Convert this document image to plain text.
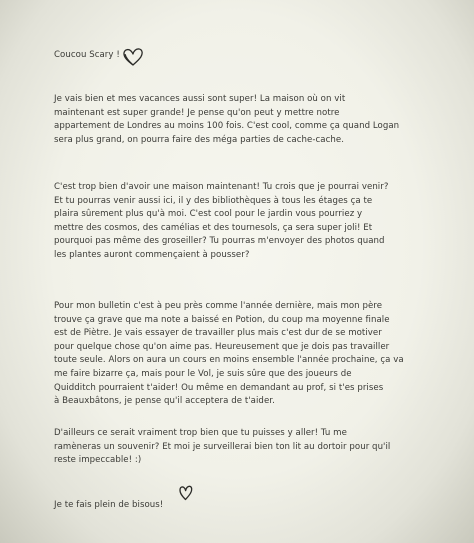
Coucou Scary !

Je vais bien et mes vacances aussi sont super! La maison où on vit
maintenant est super grande! Je pense qu'on peut y mettre notre
appartement de Londres au moins 100 fois. C'est cool, comme ça quand Logan
sera plus grand, on pourra faire des méga parties de cache-cache.

C'est trop bien d'avoir une maison maintenant! Tu crois que je pourrai venir?
Et tu pourras venir aussi ici, il y des bibliothèques à tous les étages ça te
plaira sûrement plus qu'à moi. C'est cool pour le jardin vous pourriez y
mettre des cosmos, des camélias et des tournesols, ça sera super joli! Et
pourquoi pas même des groseiller? Tu pourras m'envoyer des photos quand
les plantes auront commençaient à pousser?

Pour mon bulletin c'est à peu près comme l'année dernière, mais mon père
trouve ça grave que ma note a baissé en Potion, du coup ma moyenne finale
est de Piètre. Je vais essayer de travailler plus mais c'est dur de se motiver
pour quelque chose qu'on aime pas. Heureusement que je dois pas travailler
toute seule. Alors on aura un cours en moins ensemble l'année prochaine, ça va
me faire bizarre ça, mais pour le Vol, je suis sûre que des joueurs de
Quidditch pourraient t'aider! Ou même en demandant au prof, si t'es prises
à Beauxbâtons, je pense qu'il acceptera de t'aider.

D'ailleurs ce serait vraiment trop bien que tu puisses y aller! Tu me
ramèneras un souvenir? Et moi je surveillerai bien ton lit au dortoir pour qu'il
reste impeccable! :)

Je te fais plein de bisous!
